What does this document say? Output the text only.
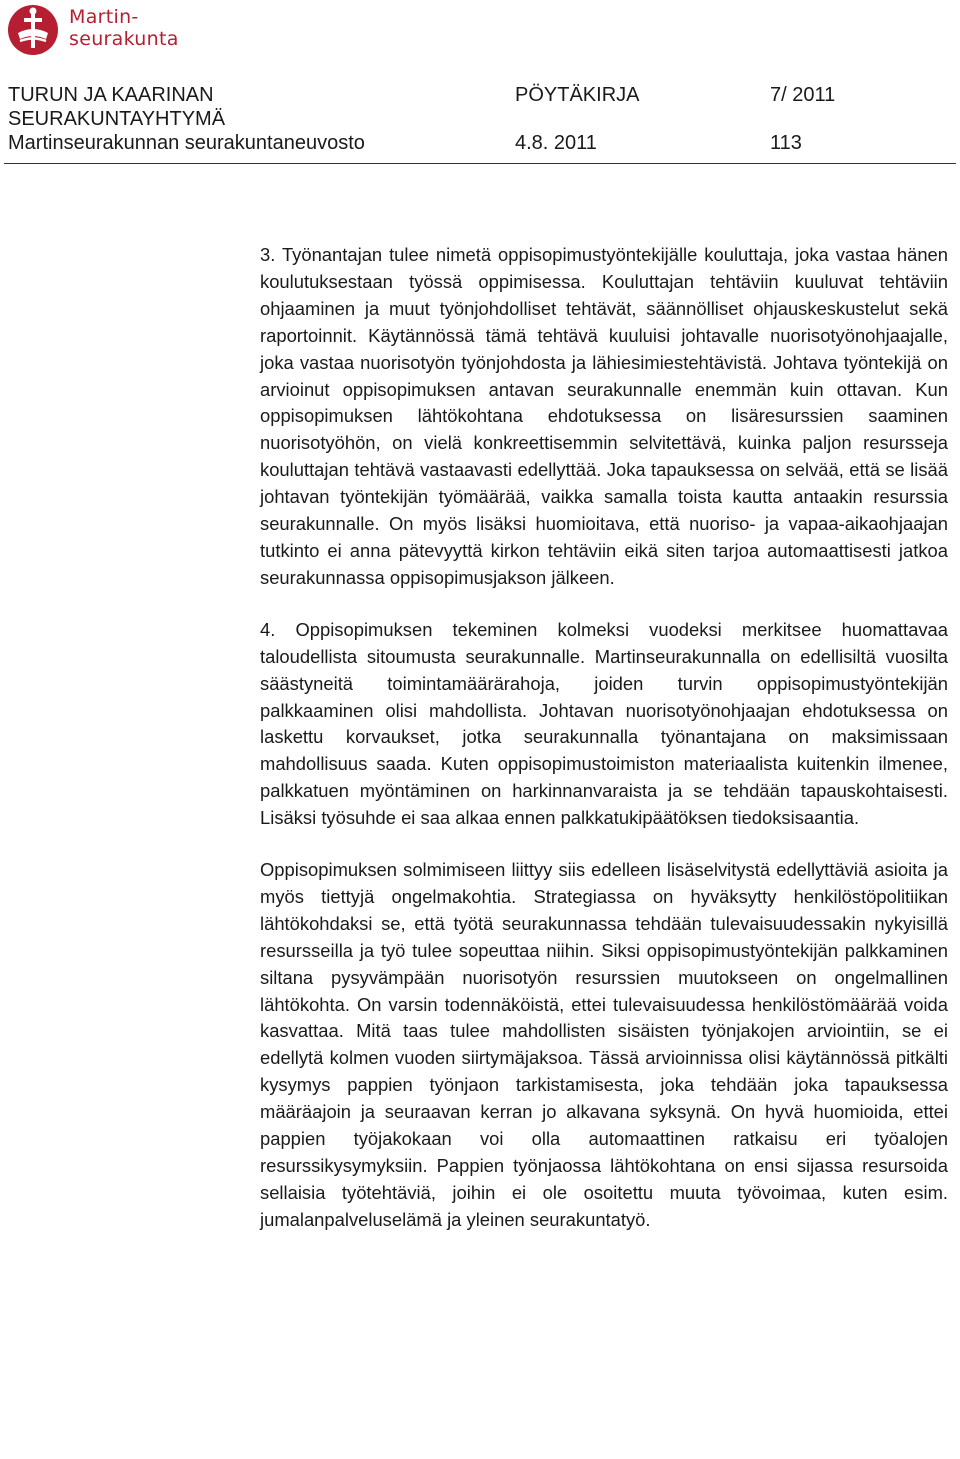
Martin-
seurakunta
TURUN JA KAARINAN	PÖYTÄKIRJA	7/ 2011
SEURAKUNTAYHTYMÄ
Martinseurakunnan seurakuntaneuvosto	4.8. 2011	113

3. Työnantajan tulee nimetä oppisopimustyöntekijälle kouluttaja, joka vastaa hänen koulutuksestaan työssä oppimisessa. Kouluttajan tehtäviin kuuluvat tehtäviin ohjaaminen ja muut työnjohdolliset tehtävät, säännölliset ohjauskeskustelut sekä raportoinnit. Käytännössä tämä tehtävä kuuluisi johtavalle nuorisotyönohjaajalle, joka vastaa nuorisotyön työnjohdosta ja lähiesimiestehtävistä. Johtava työntekijä on arvioinut oppisopimuksen antavan seurakunnalle enemmän kuin ottavan. Kun oppisopimuksen lähtökohtana ehdotuksessa on lisäresurssien saaminen nuorisotyöhön, on vielä konkreettisemmin selvitettävä, kuinka paljon resursseja kouluttajan tehtävä vastaavasti edellyttää. Joka tapauksessa on selvää, että se lisää johtavan työntekijän työmäärää, vaikka samalla toista kautta antaakin resurssia seurakunnalle. On myös lisäksi huomioitava, että nuoriso- ja vapaa-aikaohjaajan tutkinto ei anna pätevyyttä kirkon tehtäviin eikä siten tarjoa automaattisesti jatkoa seurakunnassa oppisopimusjakson jälkeen.

4. Oppisopimuksen tekeminen kolmeksi vuodeksi merkitsee huomattavaa taloudellista sitoumusta seurakunnalle. Martinseurakunnalla on edellisiltä vuosilta säästyneitä toimintamäärärahoja, joiden turvin oppisopimustyöntekijän palkkaaminen olisi mahdollista. Johtavan nuorisotyönohjaajan ehdotuksessa on laskettu korvaukset, jotka seurakunnalla työnantajana on maksimissaan mahdollisuus saada. Kuten oppisopimustoimiston materiaalista kuitenkin ilmenee, palkkatuen myöntäminen on harkinnanvaraista ja se tehdään tapauskohtaisesti. Lisäksi työsuhde ei saa alkaa ennen palkkatukipäätöksen tiedoksisaantia.

Oppisopimuksen solmimiseen liittyy siis edelleen lisäselvitystä edellyttäviä asioita ja myös tiettyjä ongelmakohtia. Strategiassa on hyväksytty henkilöstöpolitiikan lähtökohdaksi se, että työtä seurakunnassa tehdään tulevaisuudessakin nykyisillä resursseilla ja työ tulee sopeuttaa niihin. Siksi oppisopimustyöntekijän palkkaminen siltana pysyvämpään nuorisotyön resurssien muutokseen on ongelmallinen lähtökohta. On varsin todennäköistä, ettei tulevaisuudessa henkilöstömäärää voida kasvattaa. Mitä taas tulee mahdollisten sisäisten työnjakojen arviointiin, se ei edellytä kolmen vuoden siirtymäjaksoa. Tässä arvioinnissa olisi käytännössä pitkälti kysymys pappien työnjaon tarkistamisesta, joka tehdään joka tapauksessa määräajoin ja seuraavan kerran jo alkavana syksynä. On hyvä huomioida, ettei pappien työjakokaan voi olla automaattinen ratkaisu eri työalojen resurssikysymyksiin. Pappien työnjaossa lähtökohtana on ensi sijassa resursoida sellaisia työtehtäviä, joihin ei ole osoitettu muuta työvoimaa, kuten esim. jumalanpalveluselämä ja yleinen seurakuntatyö.
